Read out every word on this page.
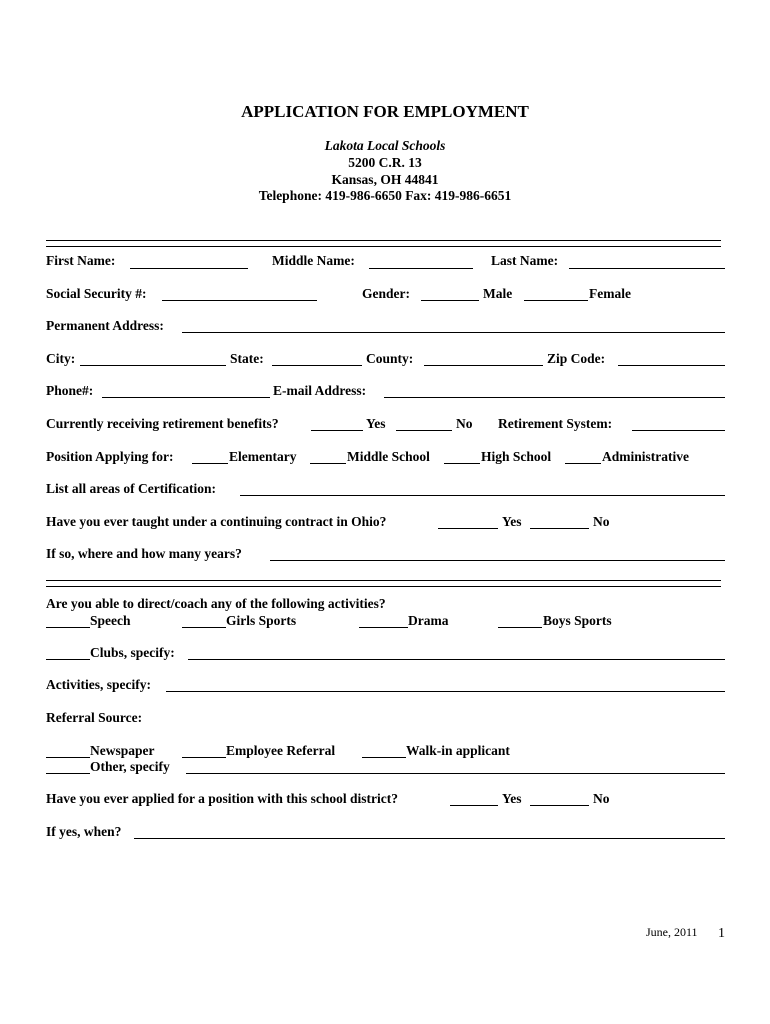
APPLICATION FOR EMPLOYMENT
Lakota Local Schools
5200 C.R. 13
Kansas, OH 44841
Telephone: 419-986-6650 Fax: 419-986-6651
First Name:	Middle Name:	Last Name:
Social Security #:	Gender:	Male	Female
Permanent Address:
City:	State:	County:	Zip Code:
Phone#:	E-mail Address:
Currently receiving retirement benefits?	Yes	No Retirement System:
Position Applying for:	Elementary	Middle School	High School	Administrative
List all areas of Certification:
Have you ever taught under a continuing contract in Ohio?	Yes	No
If so, where and how many years?
Are you able to direct/coach any of the following activities?
Speech	Girls Sports	Drama	Boys Sports
Clubs, specify:
Activities, specify:
Referral Source:
Newspaper	Employee Referral	Walk-in applicant
Other, specify
Have you ever applied for a position with this school district?	Yes	No
If yes, when?
June, 2011 1
